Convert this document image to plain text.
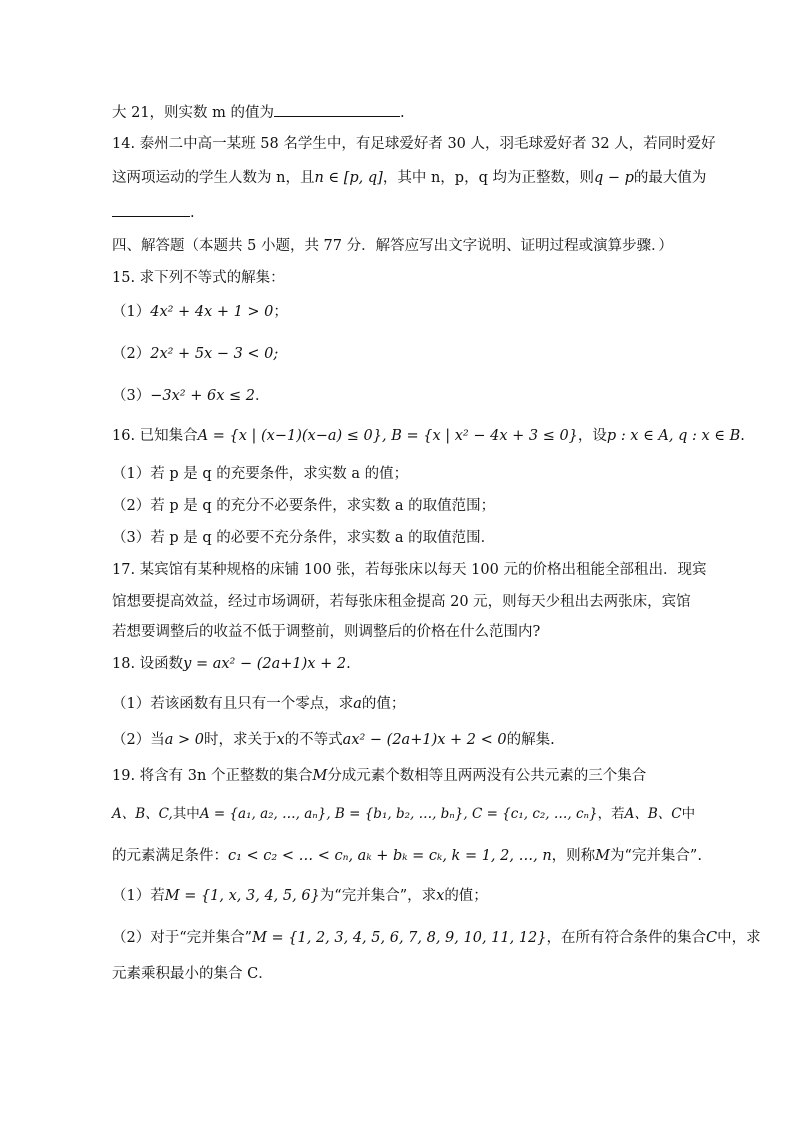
大 21，则实数 m 的值为	.
14. 泰州二中高一某班 58 名学生中，有足球爱好者 30 人，羽毛球爱好者 32 人，若同时爱好
这两项运动的学生人数为 n，且n ∈ [p, q]，其中 n，p，q 均为正整数，则q − p的最大值为
.
四、解答题（本题共 5 小题，共 77 分．解答应写出文字说明、证明过程或演算步骤．）
15. 求下列不等式的解集：
（1）4x² + 4x + 1 > 0；
（2）2x² + 5x − 3 < 0;
（3）−3x² + 6x ≤ 2．
16. 已知集合A = {x | (x−1)(x−a) ≤ 0}, B = {x | x² − 4x + 3 ≤ 0}，设p : x ∈ A, q : x ∈ B.
（1）若 p 是 q 的充要条件，求实数 a 的值；
（2）若 p 是 q 的充分不必要条件，求实数 a 的取值范围；
（3）若 p 是 q 的必要不充分条件，求实数 a 的取值范围．
17. 某宾馆有某种规格的床铺 100 张，若每张床以每天 100 元的价格出租能全部租出．现宾
馆想要提高效益，经过市场调研，若每张床租金提高 20 元，则每天少租出去两张床，宾馆
若想要调整后的收益不低于调整前，则调整后的价格在什么范围内?
18. 设函数y = ax² − (2a+1)x + 2.
（1）若该函数有且只有一个零点，求a的值；
（2）当a > 0时，求关于x的不等式ax² − (2a+1)x + 2 < 0的解集.
19. 将含有 3n 个正整数的集合M分成元素个数相等且两两没有公共元素的三个集合
A、B、C,其中A = {a₁, a₂, …, aₙ}, B = {b₁, b₂, …, bₙ}, C = {c₁, c₂, …, cₙ}，若A、B、C中
的元素满足条件：c₁ < c₂ < … < cₙ, aₖ + bₖ = cₖ, k = 1, 2, …, n，则称M为“完并集合”.
（1）若M = {1, x, 3, 4, 5, 6}为“完并集合”，求x的值；
（2）对于“完并集合”M = {1, 2, 3, 4, 5, 6, 7, 8, 9, 10, 11, 12}，在所有符合条件的集合C中，求
元素乘积最小的集合 C．
